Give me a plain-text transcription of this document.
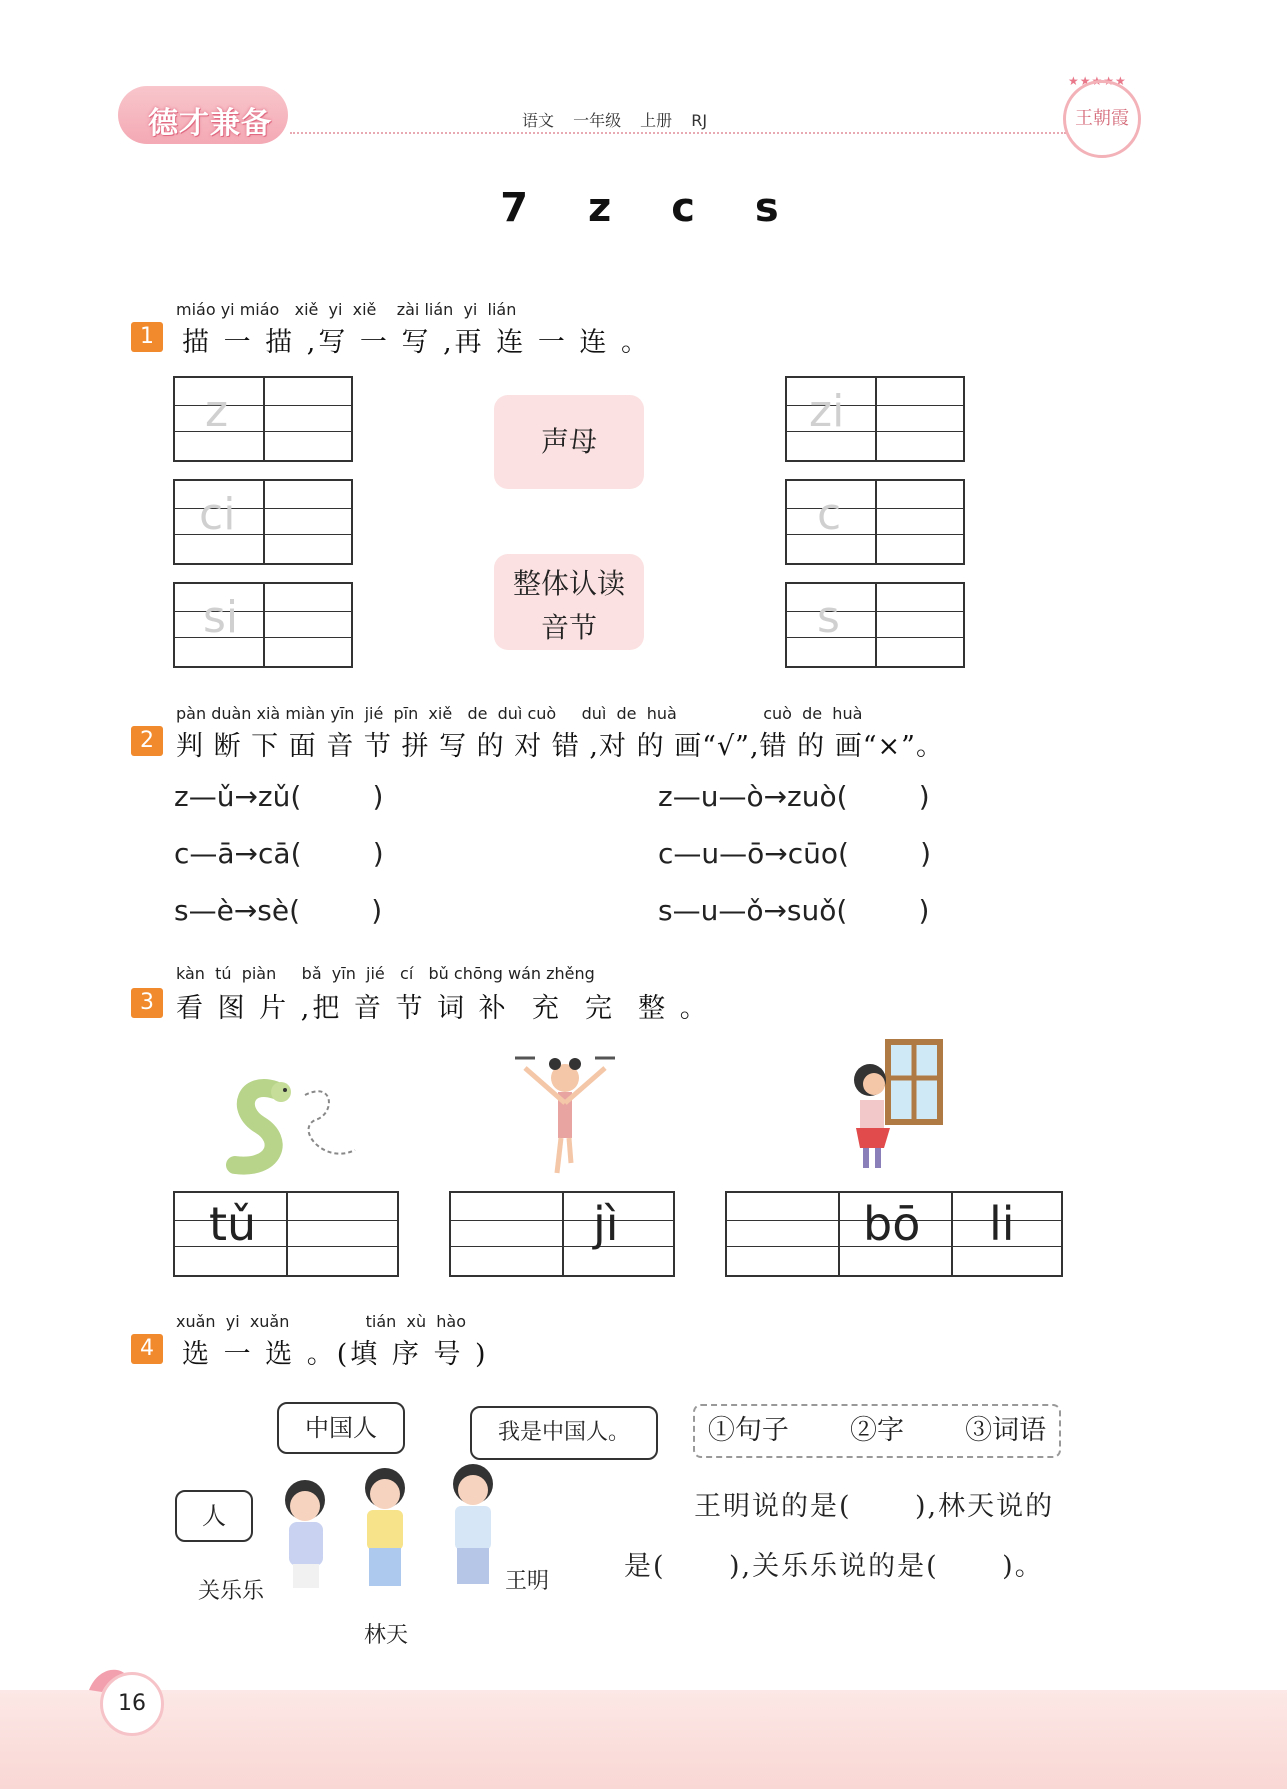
德才兼备	语文 一年级 上册 RJ
★★★★★
王朝霞
7 z c s
miáo yi miáo   xiě  yi  xiě    zài lián  yi  lián
1	描 一 描 ,写 一 写 ,再 连 一 连 。
z
ci
si
声母
整体认读
音节
zi
c
s
pàn duàn xià miàn yīn  jié  pīn  xiě   de  duì cuò     duì  de  huà                 cuò  de  huà
2 判 断 下 面 音 节 拼 写 的 对 错 ,对 的 画“√”,错 的 画“×”。
z—ǔ→zǔ(        )
c—ā→cā(        )
s—è→sè(        )
z—u—ò→zuò(        )
c—u—ō→cūo(        )
s—u—ǒ→suǒ(        )
kàn  tú  piàn     bǎ  yīn  jié   cí   bǔ chōng wán zhěng
3 看 图 片 ,把 音 节 词 补  充  完  整 。
tǔ	jì	bō li
xuǎn  yi  xuǎn               tián  xù  hào
4	选 一 选 。(填 序 号 )
中国人	我是中国人。
人
关乐乐
林天
王明
①句子  ②字  ③词语
王明说的是(      ),林天说的
是(      ),关乐乐说的是(      )。
16
